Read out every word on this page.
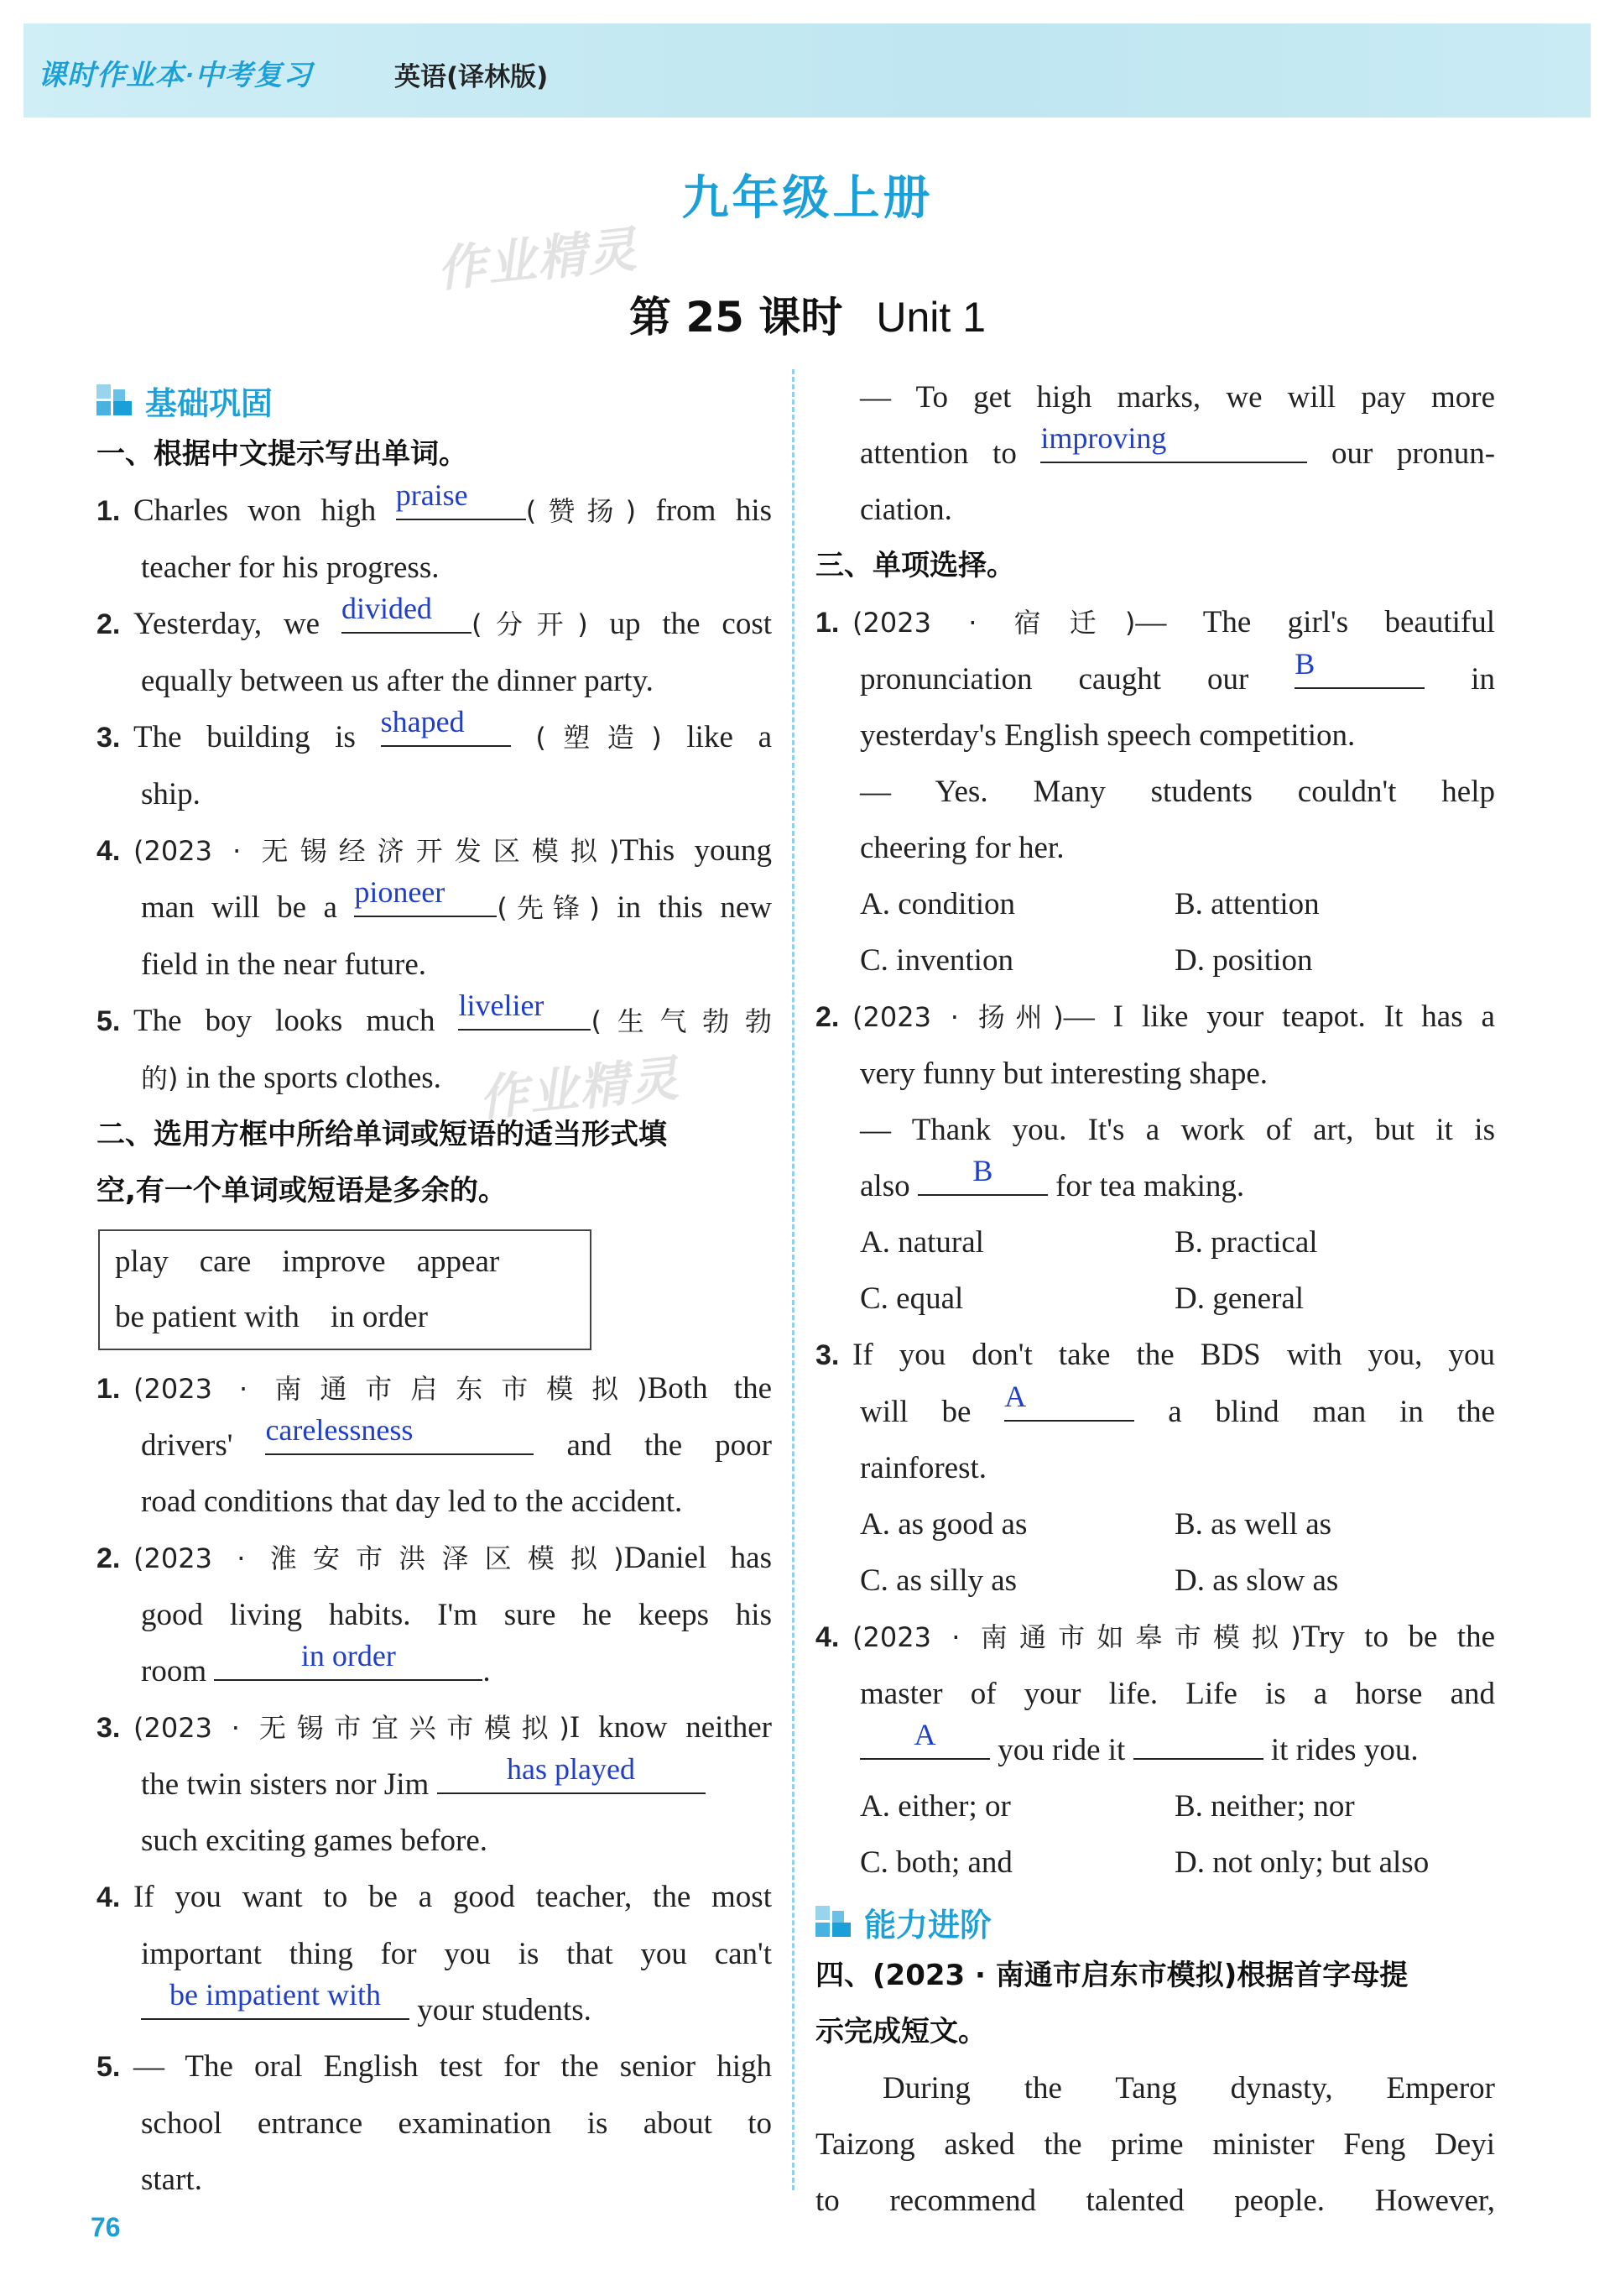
课时作业本·中考复习	英语(译林版)
九年级上册
作业精灵
第 25 课时 Unit 1
基础巩固
一、根据中文提示写出单词。
1. Charles won high praise	(赞扬) from his
teacher for his progress.
2. Yesterday, we divided	(分开) up the cost
equally between us after the dinner party.
3. The building is shaped	(塑造) like a
ship.
4. (2023 · 无锡经济开发区模拟)This young
man will be a pioneer	(先锋) in this new
field in the near future.
5. The boy looks much livelier	(生气勃勃
的) in the sports clothes.
二、选用方框中所给单词或短语的适当形式填
空,有一个单词或短语是多余的。
play    care    improve    appear
be patient with    in order
1. (2023 · 南通市启东市模拟)Both the
drivers' carelessness	and the poor
road conditions that day led to the accident.
2. (2023 · 淮安市洪泽区模拟)Daniel has
good living habits. I'm sure he keeps his
room	in order	.
3. (2023 · 无锡市宜兴市模拟)I know neither
the twin sisters nor Jim	has played
such exciting games before.
4. If you want to be a good teacher, the most
important thing for you is that you can't
be impatient with	your students.
5. — The oral English test for the senior high
school entrance examination is about to
start.
作业精灵
— To get high marks, we will pay more
attention to improving	our pronun-
ciation.
三、单项选择。
1. (2023 · 宿迁)— The girl's beautiful
pronunciation caught our B	in
yesterday's English speech competition.
— Yes. Many students couldn't help
cheering for her.
A. condition	B. attention
C. invention	D. position
2. (2023 · 扬州)— I like your teapot. It has a
very funny but interesting shape.
— Thank you. It's a work of art, but it is
also	B	for tea making.
A. natural	B. practical
C. equal	D. general
3. If you don't take the BDS with you, you
will be A	a blind man in the
rainforest.
A. as good as	B. as well as
C. as silly as	D. as slow as
4. (2023 · 南通市如皋市模拟)Try to be the
master of your life. Life is a horse and
A	you ride it	it rides you.
A. either; or	B. neither; nor
C. both; and	D. not only; but also
能力进阶
四、(2023 · 南通市启东市模拟)根据首字母提
示完成短文。
During the Tang dynasty, Emperor
Taizong asked the prime minister Feng Deyi
to recommend talented people. However,
76
